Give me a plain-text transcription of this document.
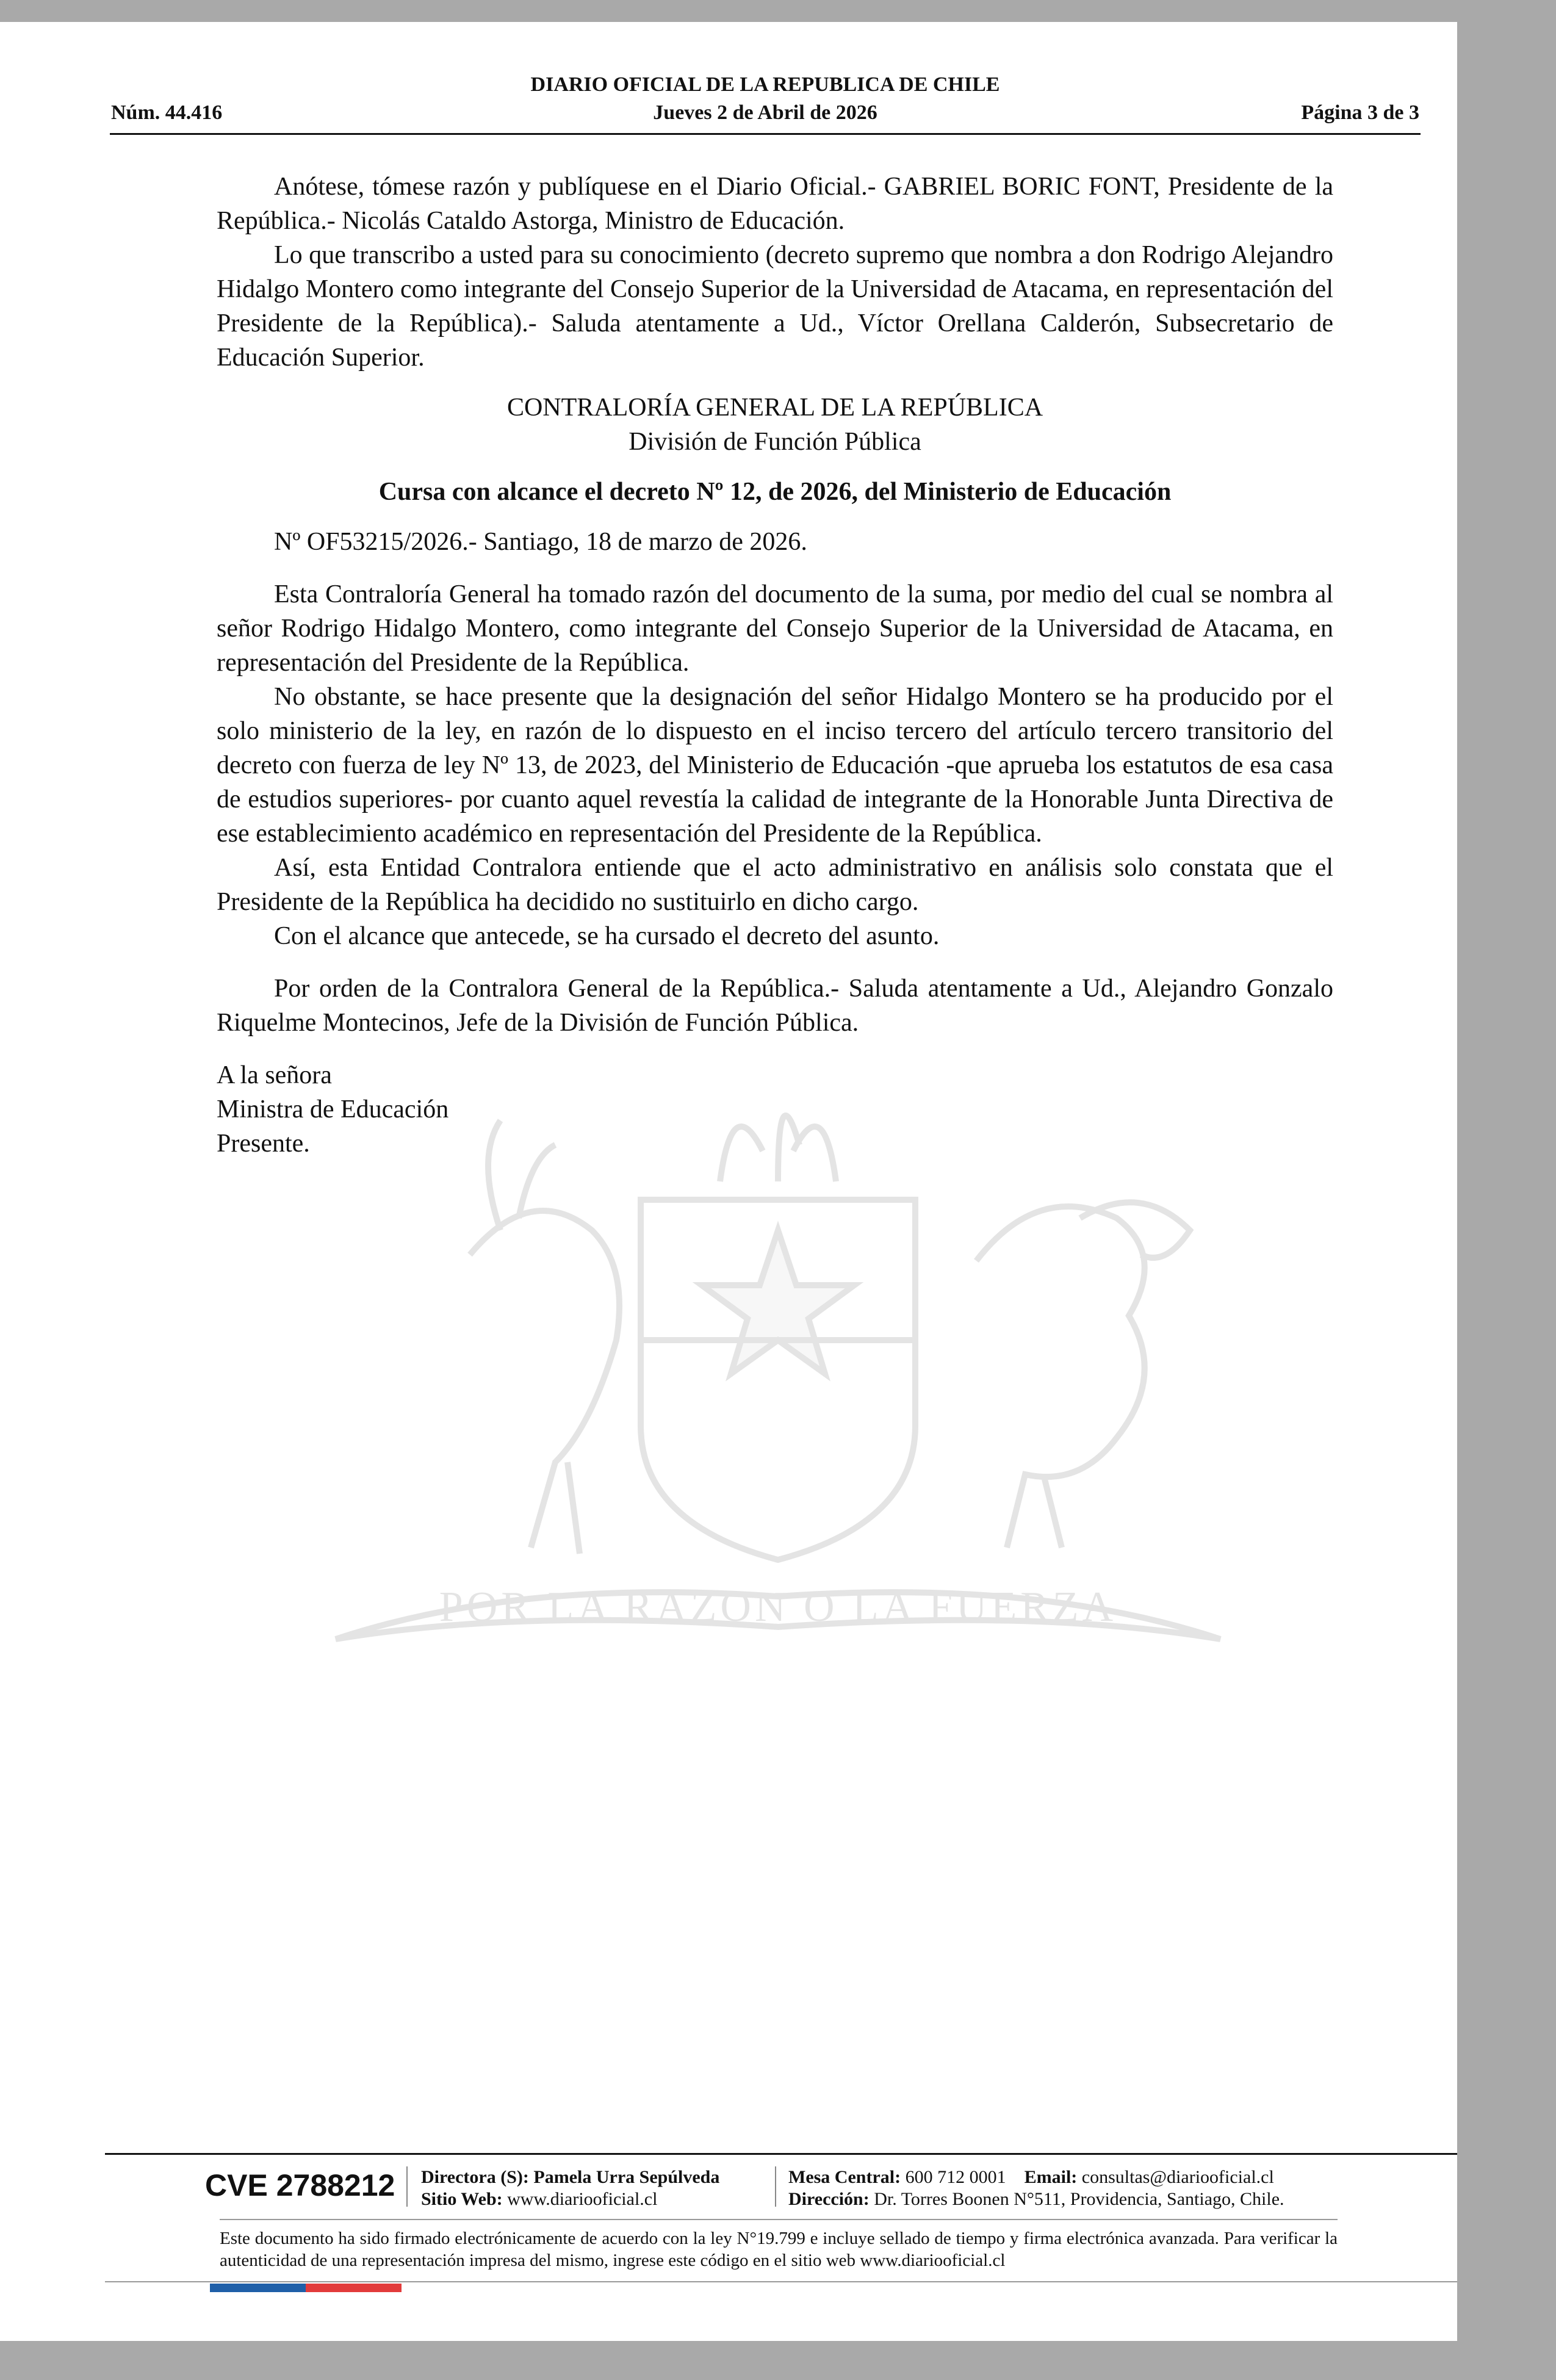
POR LA RAZON O LA FUERZA
DIARIO OFICIAL DE LA REPUBLICA DE CHILE
Núm. 44.416	Jueves 2 de Abril de 2026	Página 3 de 3

Anótese, tómese razón y publíquese en el Diario Oficial.- GABRIEL BORIC FONT, Presidente de la República.- Nicolás Cataldo Astorga, Ministro de Educación.

Lo que transcribo a usted para su conocimiento (decreto supremo que nombra a don Rodrigo Alejandro Hidalgo Montero como integrante del Consejo Superior de la Universidad de Atacama, en representación del Presidente de la República).- Saluda atentamente a Ud., Víctor Orellana Calderón, Subsecretario de Educación Superior.

CONTRALORÍA GENERAL DE LA REPÚBLICA

División de Función Pública

Cursa con alcance el decreto Nº 12, de 2026, del Ministerio de Educación

Nº OF53215/2026.- Santiago, 18 de marzo de 2026.

Esta Contraloría General ha tomado razón del documento de la suma, por medio del cual se nombra al señor Rodrigo Hidalgo Montero, como integrante del Consejo Superior de la Universidad de Atacama, en representación del Presidente de la República.

No obstante, se hace presente que la designación del señor Hidalgo Montero se ha producido por el solo ministerio de la ley, en razón de lo dispuesto en el inciso tercero del artículo tercero transitorio del decreto con fuerza de ley Nº 13, de 2023, del Ministerio de Educación -que aprueba los estatutos de esa casa de estudios superiores- por cuanto aquel revestía la calidad de integrante de la Honorable Junta Directiva de ese establecimiento académico en representación del Presidente de la República.

Así, esta Entidad Contralora entiende que el acto administrativo en análisis solo constata que el Presidente de la República ha decidido no sustituirlo en dicho cargo.

Con el alcance que antecede, se ha cursado el decreto del asunto.

Por orden de la Contralora General de la República.- Saluda atentamente a Ud., Alejandro Gonzalo Riquelme Montecinos, Jefe de la División de Función Pública.

A la señora

Ministra de Educación

Presente.

CVE 2788212 Directora (S): Pamela Urra Sepúlveda
Sitio Web: www.diariooficial.cl
Mesa Central: 600 712 0001 Email: consultas@diariooficial.cl
Dirección: Dr. Torres Boonen N°511, Providencia, Santiago, Chile.
Este documento ha sido firmado electrónicamente de acuerdo con la ley N°19.799 e incluye sellado de tiempo y firma electrónica avanzada. Para verificar la autenticidad de una representación impresa del mismo, ingrese este código en el sitio web www.diariooficial.cl
